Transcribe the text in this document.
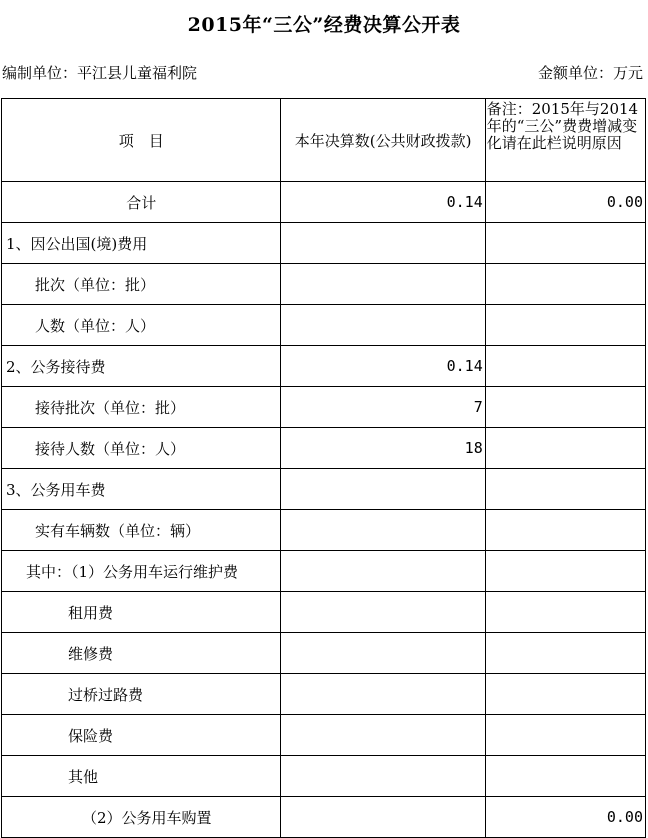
2015年“三公”经费决算公开表
编制单位：平江县儿童福利院	金额单位：万元
项　目	本年决算数(公共财政拨款)	备注：2015年与2014年的“三公”费费增减变化请在此栏说明原因
合计	0.14	0.00
1、因公出国(境)费用		
批次（单位：批）		
人数（单位：人）		
2、公务接待费	0.14	
接待批次（单位：批）	7	
接待人数（单位：人）	18	
3、公务用车费		
实有车辆数（单位：辆）		
其中：（1）公务用车运行维护费		
租用费		
维修费		
过桥过路费		
保险费		
其他		
（2）公务用车购置		0.00
